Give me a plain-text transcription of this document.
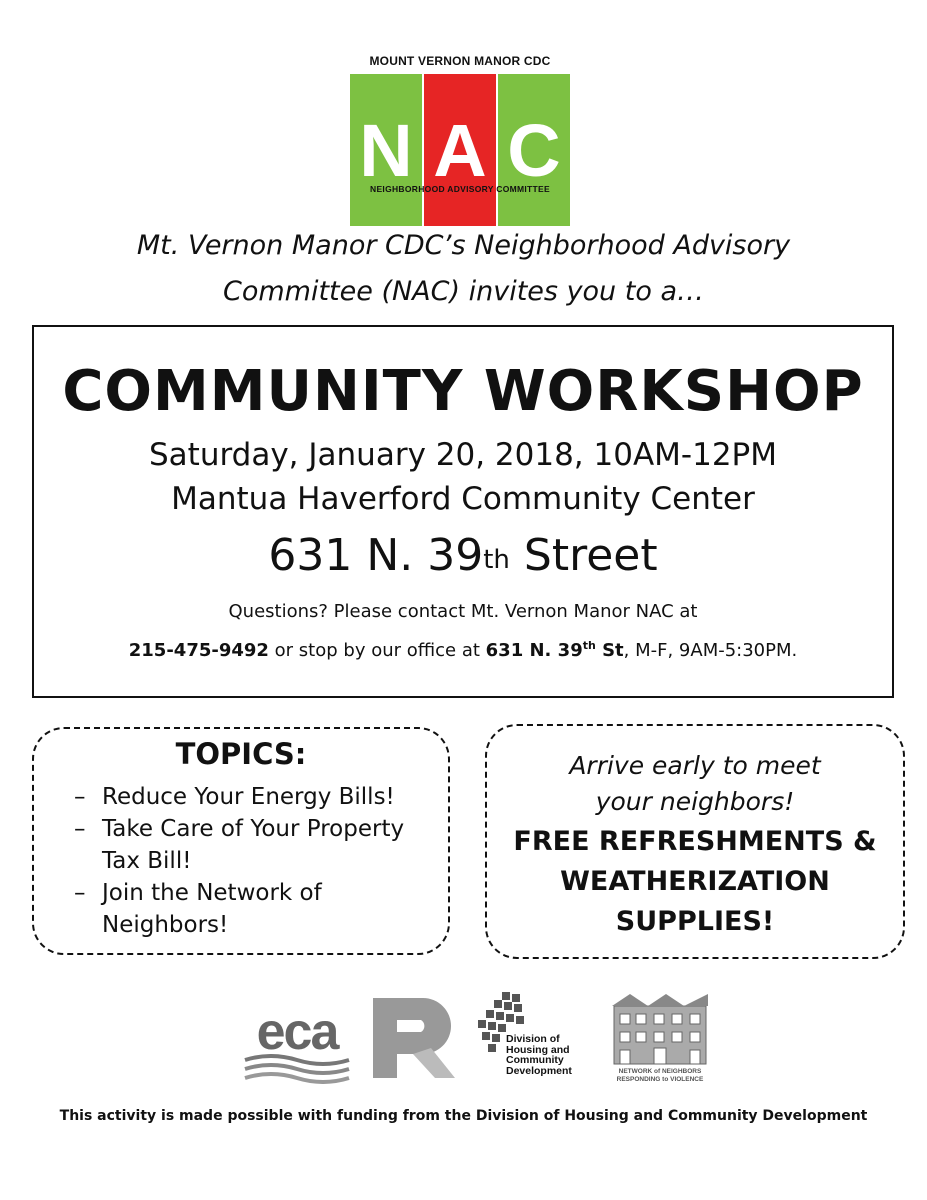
MOUNT VERNON MANOR CDC
N A C
NEIGHBORHOOD ADVISORY COMMITTEE
Mt. Vernon Manor CDC’s Neighborhood Advisory
Committee (NAC) invites you to a…
COMMUNITY WORKSHOP
Saturday, January 20, 2018, 10AM-12PM
Mantua Haverford Community Center
631 N. 39th Street
Questions? Please contact Mt. Vernon Manor NAC at
215-475-9492 or stop by our office at 631 N. 39th St, M-F, 9AM-5:30PM.
TOPICS:
– Reduce Your Energy Bills!
– Take Care of Your Property Tax Bill!
– Join the Network of Neighbors!
Arrive early to meet
your neighbors!
FREE REFRESHMENTS &
WEATHERIZATION
SUPPLIES!
eca	Division of
Housing and
Community
Development	NETWORK of NEIGHBORS
RESPONDING to VIOLENCE
This activity is made possible with funding from the Division of Housing and Community Development
